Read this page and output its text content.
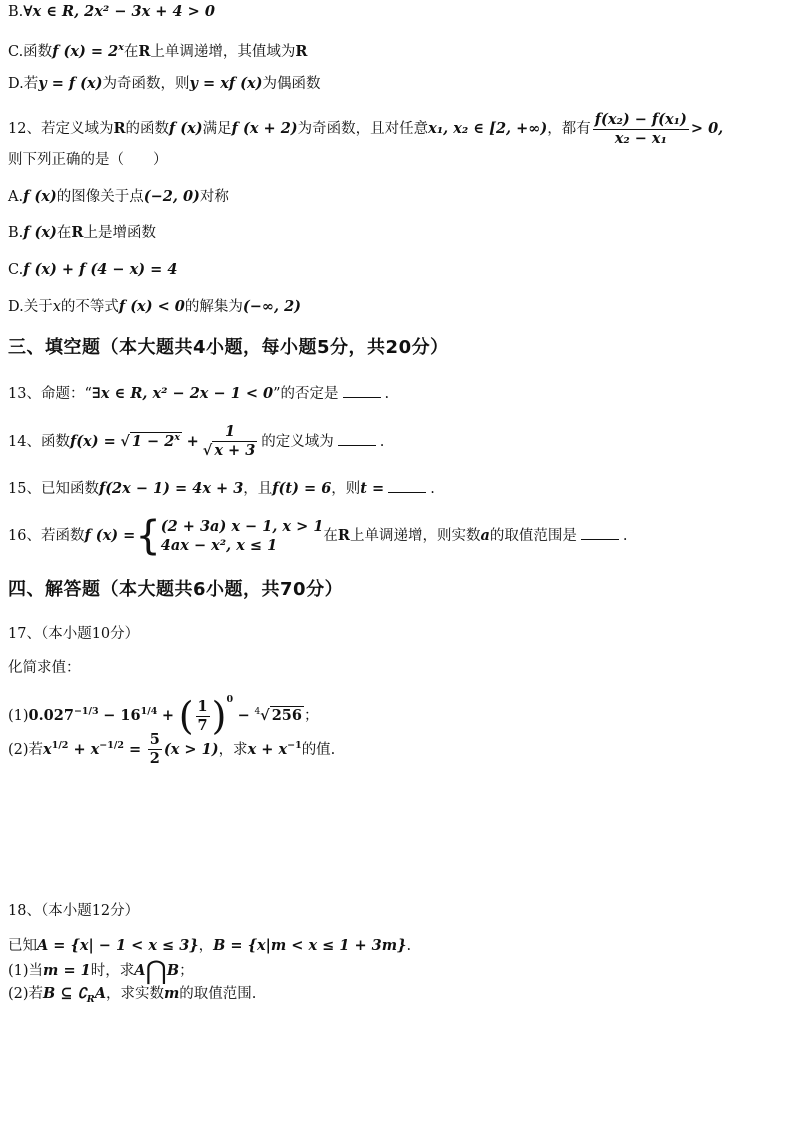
B.∀x ∈ R, 2x² − 3x + 4 > 0
C.函数f $(x) = 2^x$在R上单调递增，其值域为R
D.若y = f (x)为奇函数，则y = xf (x)为偶函数
12、若定义域为R的函数f (x)满足f (x + 2)为奇函数，且对任意x₁, x₂ ∈ [2, +∞)，都有 $\frac{\text{f(x₂) − f(x₁)}}{\text{x₂ − x₁}} > 0$,
则下列正确的是（　　）
A.f (x)的图像关于点(−2, 0)对称
B.f (x)在R上是增函数
C.f (x) + f (4 − x) = 4
D.关于x的不等式f (x) < 0的解集为(−∞, 2)
三、填空题（本大题共4小题，每小题5分，共20分）
13、命题：“∃x ∈ R, x² − 2x − 1 < 0”的否定是	.
14、函数f(x) = √ $1 - 2^x + \frac{1}{√ x + 3}$ 的定义域为	.
15、已知函数f(2x − 1) = 4x + 3，且f(t) = 6，则t =	.
16、若函数f (x) ={ (2 + 3a) x − 1, x > 1
4ax − x², x ≤ 1
在R上单调递增，则实数a的取值范围是	.
四、解答题（本大题共6小题，共70分）
17、（本小题10分）
化简求值：
$(1)0.027^{-1/3} - 16^{1/4}$ + ( $\frac{1}{7} )^0 - ^4√$ 256 ；
(2)若$x^{1/2} + x^{-1/2} = \frac{5}{2} (x > 1)$，求$x + x^{-1}$的值.
18、（本小题12分）
已知A = {x| − 1 < x ≤ 3}，B = {x|m < x ≤ 1 + 3m}.
(1)当m = 1时，求A⋂B；
(2)若B ⊆ $∁_RA$，求实数m的取值范围.
